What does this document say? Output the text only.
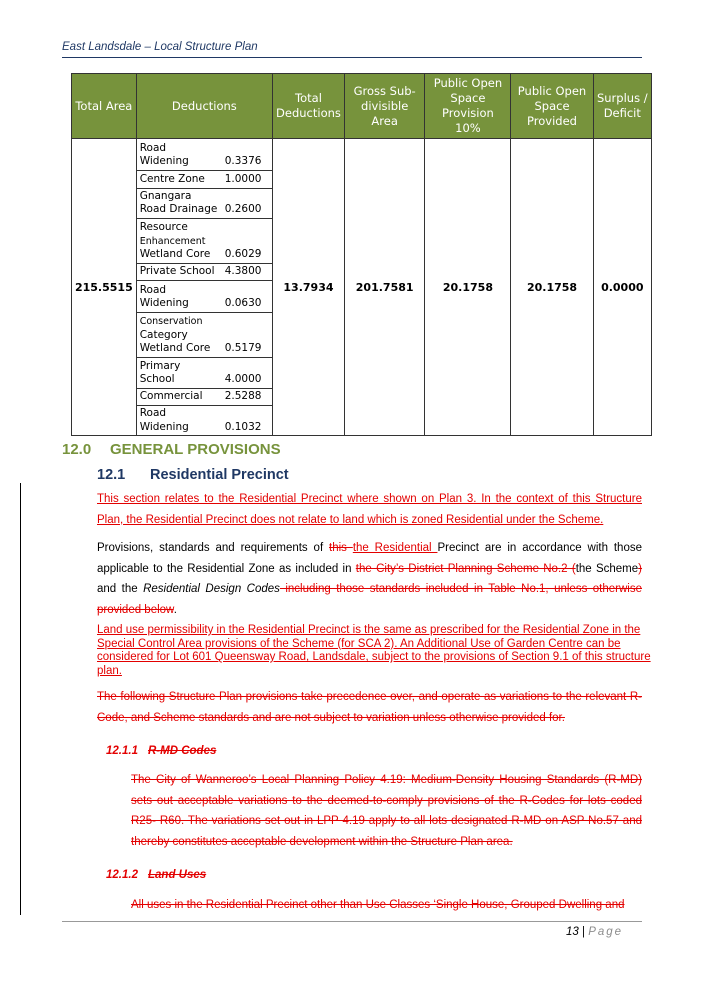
East Landsdale – Local Structure Plan
Total Area	Deductions	Total Deductions	Gross Sub-divisible Area	Public Open Space Provision 10%	Public Open Space Provided	Surplus / Deficit
215.5515	
Road
Widening	0.3376
Centre Zone	1.0000

Gnangara
Road Drainage	0.2600

Resource
Enhancement
Wetland Core	0.6029
Private School	4.3800

Road
Widening	0.0630

Conservation
Category
Wetland Core	0.5179

Primary
School	4.0000
Commercial	2.5288

Road
Widening	0.1032
	13.7934	201.7581	20.1758	20.1758	0.0000
12.0 GENERAL PROVISIONS
12.1 Residential Precinct
This section relates to the Residential Precinct where shown on Plan 3. In the context of this Structure Plan, the Residential Precinct does not relate to land which is zoned Residential under the Scheme.
Provisions, standards and requirements of this the Residential Precinct are in accordance with those applicable to the Residential Zone as included in the City’s District Planning Scheme No.2 (the Scheme) and the Residential Design Codes including those standards included in Table No.1, unless otherwise provided below.
Land use permissibility in the Residential Precinct is the same as prescribed for the Residential Zone in the Special Control Area provisions of the Scheme (for SCA 2). An Additional Use of Garden Centre can be considered for Lot 601 Queensway Road, Landsdale, subject to the provisions of Section 9.1 of this structure plan.
The following Structure Plan provisions take precedence over, and operate as variations to the relevant R- Code, and Scheme standards and are not subject to variation unless otherwise provided for.
12.1.1 R-MD Codes
The City of Wanneroo’s Local Planning Policy 4.19: Medium-Density Housing Standards (R-MD) sets out acceptable variations to the deemed-to-comply provisions of the R-Codes for lots coded R25- R60. The variations set out in LPP 4.19 apply to all lots designated R-MD on ASP No.57 and thereby constitutes acceptable development within the Structure Plan area.
12.1.2 Land Uses
All uses in the Residential Precinct other than Use Classes ‘Single House, Grouped Dwelling and
13 | Page
